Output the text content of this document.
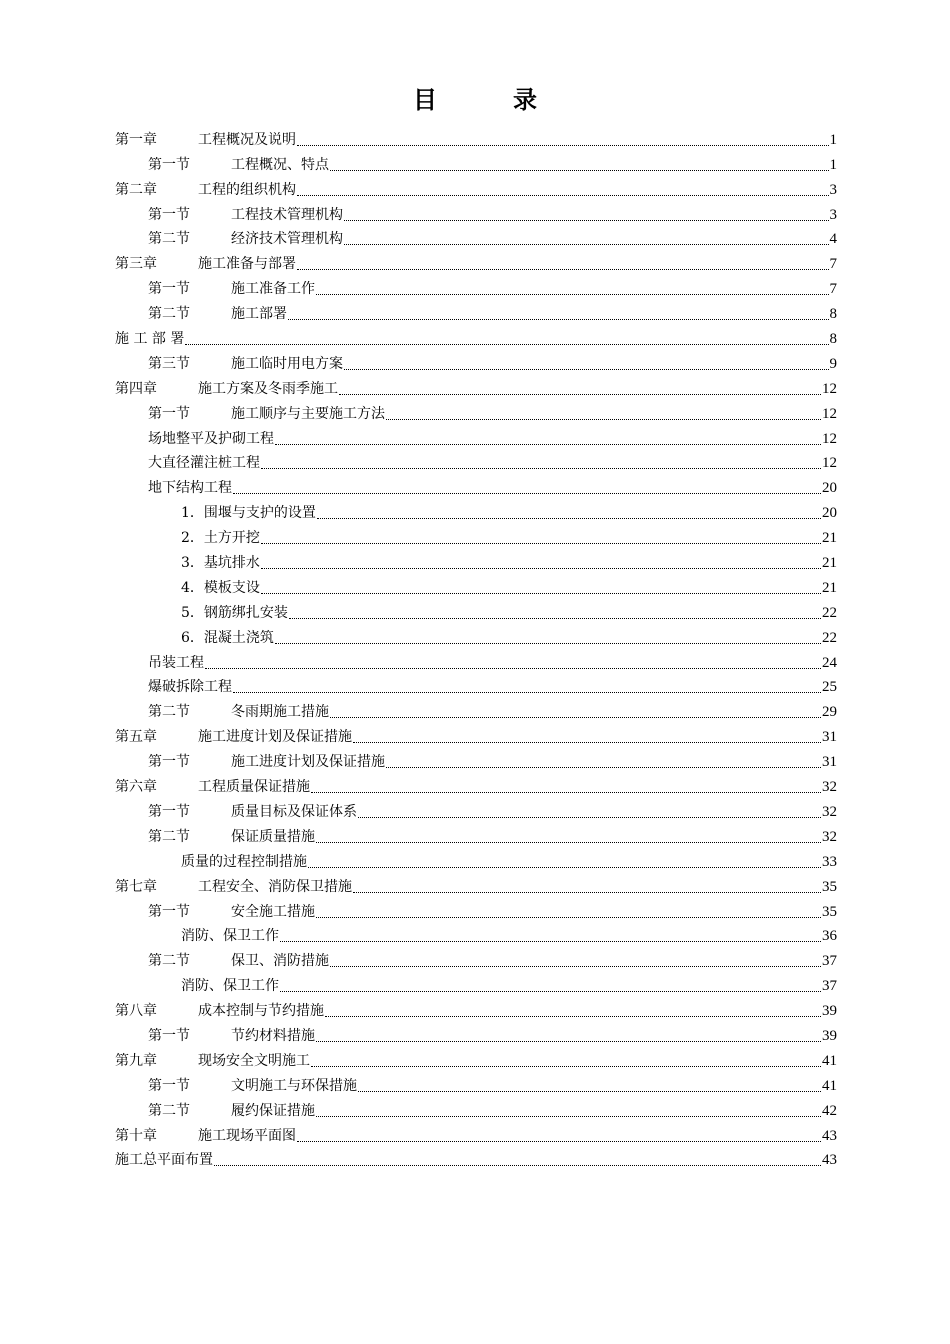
目　录
第一章	工程概况及说明	1
第一节	工程概况、特点	1
第二章	工程的组织机构	3
第一节	工程技术管理机构	3
第二节	经济技术管理机构	4
第三章	施工准备与部署	7
第一节	施工准备工作	7
第二节	施工部署	8
施 工 部 署	8
第三节	施工临时用电方案	9
第四章	施工方案及冬雨季施工	12
第一节	施工顺序与主要施工方法	12
场地整平及护砌工程	12
大直径灌注桩工程	12
地下结构工程	20
1．围堰与支护的设置	20
2．土方开挖	21
3．基坑排水	21
4．模板支设	21
5．钢筋绑扎安装	22
6．混凝土浇筑	22
吊装工程	24
爆破拆除工程	25
第二节	冬雨期施工措施	29
第五章	施工进度计划及保证措施	31
第一节	施工进度计划及保证措施	31
第六章	工程质量保证措施	32
第一节	质量目标及保证体系	32
第二节	保证质量措施	32
质量的过程控制措施	33
第七章	工程安全、消防保卫措施	35
第一节	安全施工措施	35
消防、保卫工作	36
第二节	保卫、消防措施	37
消防、保卫工作	37
第八章	成本控制与节约措施	39
第一节	节约材料措施	39
第九章	现场安全文明施工	41
第一节	文明施工与环保措施	41
第二节	履约保证措施	42
第十章	施工现场平面图	43
施工总平面布置	43
